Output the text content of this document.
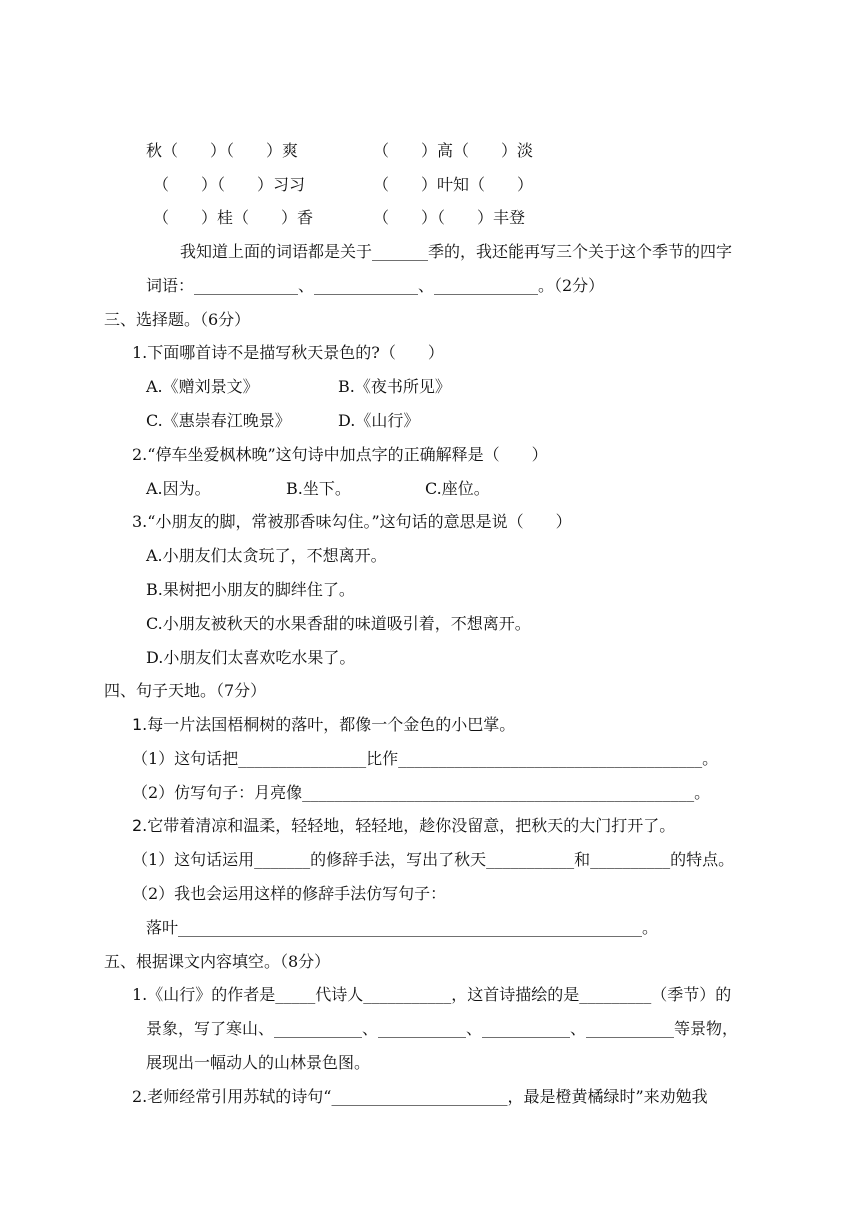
秋（　　）（　　）爽	（　　）高（　　）淡
（　　）（　　）习习	（　　）叶知（　　）
（　　）桂（　　）香	（　　）（　　）丰登
我知道上面的词语都是关于_______季的，我还能再写三个关于这个季节的四字
词语：_____________、_____________、_____________。（2分）
三、选择题。（6分）
1.下面哪首诗不是描写秋天景色的?（　　）
A.《赠刘景文》	B.《夜书所见》
C.《惠崇春江晚景》	D.《山行》
2.“停车坐爱枫林晚”这句诗中加点字的正确解释是（　　）
A.因为。	B.坐下。	C.座位。
3.“小朋友的脚，常被那香味勾住。”这句话的意思是说（　　）
A.小朋友们太贪玩了，不想离开。
B.果树把小朋友的脚绊住了。
C.小朋友被秋天的水果香甜的味道吸引着，不想离开。
D.小朋友们太喜欢吃水果了。
四、句子天地。（7分）
1.每一片法国梧桐树的落叶，都像一个金色的小巴掌。
（1）这句话把________________比作______________________________________。
（2）仿写句子：月亮像_________________________________________________。
2.它带着清凉和温柔，轻轻地，轻轻地，趁你没留意，把秋天的大门打开了。
（1）这句话运用_______的修辞手法，写出了秋天___________和__________的特点。
（2）我也会运用这样的修辞手法仿写句子：
落叶__________________________________________________________。
五、根据课文内容填空。（8分）
1.《山行》的作者是_____代诗人___________，这首诗描绘的是_________（季节）的
景象，写了寒山、___________、___________、___________、___________等景物，
展现出一幅动人的山林景色图。
2.老师经常引用苏轼的诗句“______________________，最是橙黄橘绿时”来劝勉我
